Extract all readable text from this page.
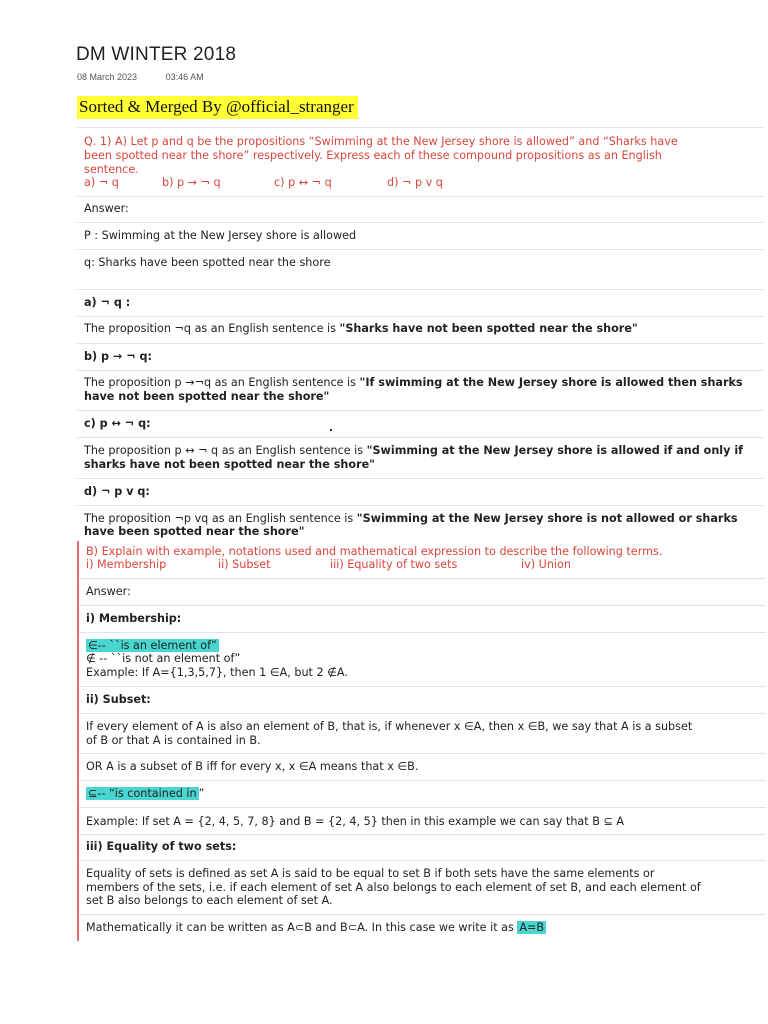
DM WINTER 2018
08 March 2023	03:46 AM
Sorted & Merged By @official_stranger
Q. 1) A) Let p and q be the propositions “Swimming at the New Jersey shore is allowed” and “Sharks have
been spotted near the shore” respectively. Express each of these compound propositions as an English
sentence.
a) ¬ q	b) p → ¬ q	c) p ↔ ¬ q	d) ¬ p v q
Answer:
P : Swimming at the New Jersey shore is allowed
q: Sharks have been spotted near the shore
a) ¬ q :
The proposition ¬q as an English sentence is "Sharks have not been spotted near the shore"
b) p → ¬ q:
The proposition p →¬q as an English sentence is "If swimming at the New Jersey shore is allowed then sharks
have not been spotted near the shore"
c) p ↔ ¬ q:
The proposition p ↔ ¬ q as an English sentence is "Swimming at the New Jersey shore is allowed if and only if
sharks have not been spotted near the shore"
d) ¬ p v q:
The proposition ¬p vq as an English sentence is "Swimming at the New Jersey shore is not allowed or sharks
have been spotted near the shore"
B) Explain with example, notations used and mathematical expression to describe the following terms.
i) Membership	ii) Subset	iii) Equality of two sets	iv) Union
Answer:
i) Membership:
∈-- ``is an element of”
∉ -- ``is not an element of”
Example: If A={1,3,5,7}, then 1 ∈A, but 2 ∉A.
ii) Subset:
If every element of A is also an element of B, that is, if whenever x ∈A, then x ∈B, we say that A is a subset
of B or that A is contained in B.
OR A is a subset of B iff for every x, x ∈A means that x ∈B.
⊆-- “is contained in ”
Example: If set A = {2, 4, 5, 7, 8} and B = {2, 4, 5} then in this example we can say that B ⊆ A
iii) Equality of two sets:
Equality of sets is defined as set A is said to be equal to set B if both sets have the same elements or
members of the sets, i.e. if each element of set A also belongs to each element of set B, and each element of
set B also belongs to each element of set A.
Mathematically it can be written as A⊂B and B⊂A. In this case we write it as A=B
